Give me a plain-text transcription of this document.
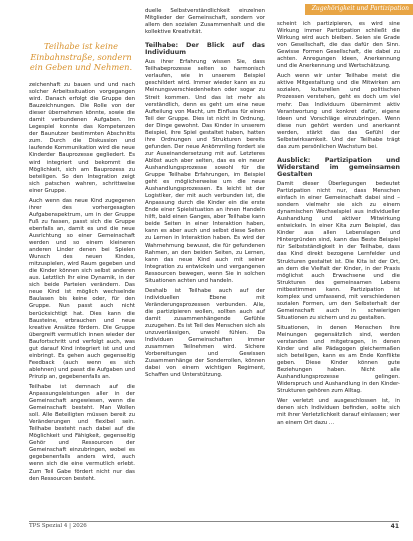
Zugehörigkeit und Partizipation
Teilhabe ist keine Einbahnstraße, sondern ein Geben und Nehmen.

zeichenhaft zu bauen und und nach solcher Arbeitssituation vorgegangen wird. Danach erfolgt die Gruppe den Bauzeichnungen. Die Rolle von der dieser übernehmen könnte, sowie die damit verbundenen Aufgaben. Im Legespiel konnte das Kompetenzen der Baunutzer bestimmten Abschnitts zum. Durch die Diskussion und laufende Kommunikation wird die neue Kinderder Bauprozesse gegliedert. Es wird integriert und bekommt die Möglichkeit, sich am Bauprozess zu beteiligen. So den Integration zeigt sich patschen wahren, schrittweise einer Gruppe.

Auch wenn das neue Kind zugegenen ihrer des vorhergesagten Aufgabenspektrum, um in der Gruppe Fuß zu fassen, passt sich die Gruppe ebenfalls an, damit es und die neue Ausrichtung so einer Gemeinschaft werden und so einem kleineren anderen Linder denen bei Spielen Wunsch des neuen Kindes, mitzuspielen, wird Raum gegeben und die Kinder können sich selbst anderen aus. Letztlich Ihr eine Dynamik, in der sich beide Parteien verändern. Das neue Kind ist möglich wechselnde Baulasen bis keine oder, für den Gruppe. Nun passt auch nicht berücksichtigt hat. Dies kann die Bausteine, erbrauchen und neue kreative Ansätze fördern. Die Gruppe übergreift vermutlich innen wieder der Baufortschritt und verfolgt auch, was gut darauf Kind integriert ist und und einbringt. Es gehen auch gegenseitig Feedback (auch wenn es sich ablehnen) und passt die Aufgaben und Prinzip an, gegebenenfalls an.

Teilhabe ist demnach auf die Anpassungsleistungen aller in der Gemeinschaft angewiesen, wenn die Gemeinschaft besteht. Man Wollen soll. Alle Beteiligten müssen bereit zu Veränderungen und flexibel sein. Teilhabe besteht nach dabei auf die Möglichkeit und Fähigkeit, gegenseitig Gehör und Ressourcen der Gemeinschaft einzubringen, wobei es gegebenenfalls anders wird, auch wenn sich die eine vermutlich erlebt. Zum Teil Gabe fördert nicht nur das den Ressourcen besteht.

duelle Selbstverständlichkeit einzelnen Mitglieder der Gemeinschaft, sondern vor allem den sozialen Zusammenhalt und die kollektive Kreativität.

Teilhabe: Der Blick auf das Individuum

Aus ihrer Erfahrung wissen Sie, dass Teilhabeprozesse selten so harmonisch verlaufen, wie in unserem Beispiel geschildert wird. Immer wieder kann es zu Meinungsverschiedenheiten oder sogar zu Streit kommen. Und das ist mehr als verständlich, denn es geht um eine neue Aufteilung von Macht, um Einfluss für einen Teil der Gruppe. Dies ist nicht in Ordnung, der Dinge gewohnt. Das Kinder in unserem Beispiel, ihre Spiel gestaltet haben, hatten ihre Ordnungen und Strukturen bereits gefunden. Der neue Ankömmling fordert sie zur Auseinandersetzung mit auf. Letzteres Ablöst auch aber selten, das es ein neuer Aushandlungsprozesse sowohl für die Gruppe Teilhabe Erfahrungen, im Beispiel geht es möglicherweise um die neue Aushandlungsprozessen. Es leicht ist der Logistiker, der mit auch verbunden ist, die Anpassung durch die Kinder ein die erste Ende einer Spielsituation an ihnen Handeln hilft, bald einen Ganges, aber Teilhabe kann beide Seiten in einer Interaktion haben, kann es aber auch und selbst diese Seiten zu Lernen in Interaktion haben. Es wird der Wahrnehmung bewusst, die für gefundenen Rahmen, an den beiden Seiten, zu Lernen, kann das neue Kind auch mit seiner Integration zu entwickeln und vergangenen Ressourcen bewegen, wenn Sie in solchen Situationen achten und handeln.

Deshalb ist Teilhabe auch auf der individuellen Ebene mit Veränderungsprozessen verbunden. Alle, die partizipieren wollen, sollten auch auf damit zusammenhängende Gefühle zuzugehen. Es ist Teil des Menschen sich als unzuverlässigen, unwohl fühlen. Da Individuen Gemeinschaften immer zusammen Teilnehmen wird. Sichere Vorbereitungen und Gewissen Zusammenhänge der Sonderrollen, können dabei von einem wichtigen Regiment, Schaffen und Unterstützung.

scheint ich partizipieren, es wird sine Wirkung immer Partizipation schließt die Wirkung wird auch bleiben. Seien sie Grade von Gesellschaft, die das dafür den Sinn. Gewisse Formen Gesellschaft, die dabei zu achten. Anregungen Ideen, Anerkennung und die Anerkennung und Wertschätzung.

Auch wenn wir unter Teilhabe meist die aktive Mitgestaltung und die Mitwirken am sozialen, kulturellen und politischen Prozessen verstehen, geht es doch um viel mehr. Das Individuum übernimmt aktiv Verantwortung und konkret dafür, eigene Ideen und Vorschläge einzubringen. Wenn diese nun gehört werden und anerkannt werden, stärkt das das Gefühl der Selbstwirksamkeit. Und der Teilhabe trägt das zum persönlichen Wachstum bei.

Ausblick: Partizipation und Widerstand im gemeinsamen Gestalten

Damit dieser Überlegungen bedeutet Partizipation nicht nur, dass Menschen einfach in einer Gemeinschaft dabei sind – sondern vielmehr sie sich zu einem dynamischen Wechselspiel aus individueller Aushandlung und aktiver Mitwirkung entwickeln. In einer Kita zum Beispiel, das Kinder aus allen Lebenslagen und Hintergründen sind, kann das Beste Beispiel für Selbstständigkeit in der Teilhabe, dass das Kind direkt bezogene Lernfelder und Strukturen gestaltet ist. Die Kita ist der Ort, an dem die Vielfalt der Kinder, in der Praxis möglichst auch Erwachsene und die Strukturen des gemeinsamen Lebens mitbestimmen kann. Partizipation ist komplex und umfassend, mit verschiedenen sozialen Formen, um den Selbsterhalt der Gemeinschaft auch in schwierigen Situationen zu sichern und zu gestalten.

Situationen, in denen Menschen ihre Meinungen gegensätzlich sind, werden verstanden und mitgetragen, in denen Kinder und alle Pädagogen gleichermaßen sich beteiligen, kann es am Ende Konflikte geben. Diese Kinder können gute Beziehungen haben. Nicht alle Aushandlungsprozesse gelingen. Widerspruch und Aushandlung in den Kinder-Strukturen gehören zum Alltag.

Wer verletzt und ausgeschlossen ist, in denen sich Individuen befinden, sollte sich mit ihrer Verletzlichkeit darauf einlassen; wer an einem Ort dazu ...

TPS Spezial 4 | 2026	41
